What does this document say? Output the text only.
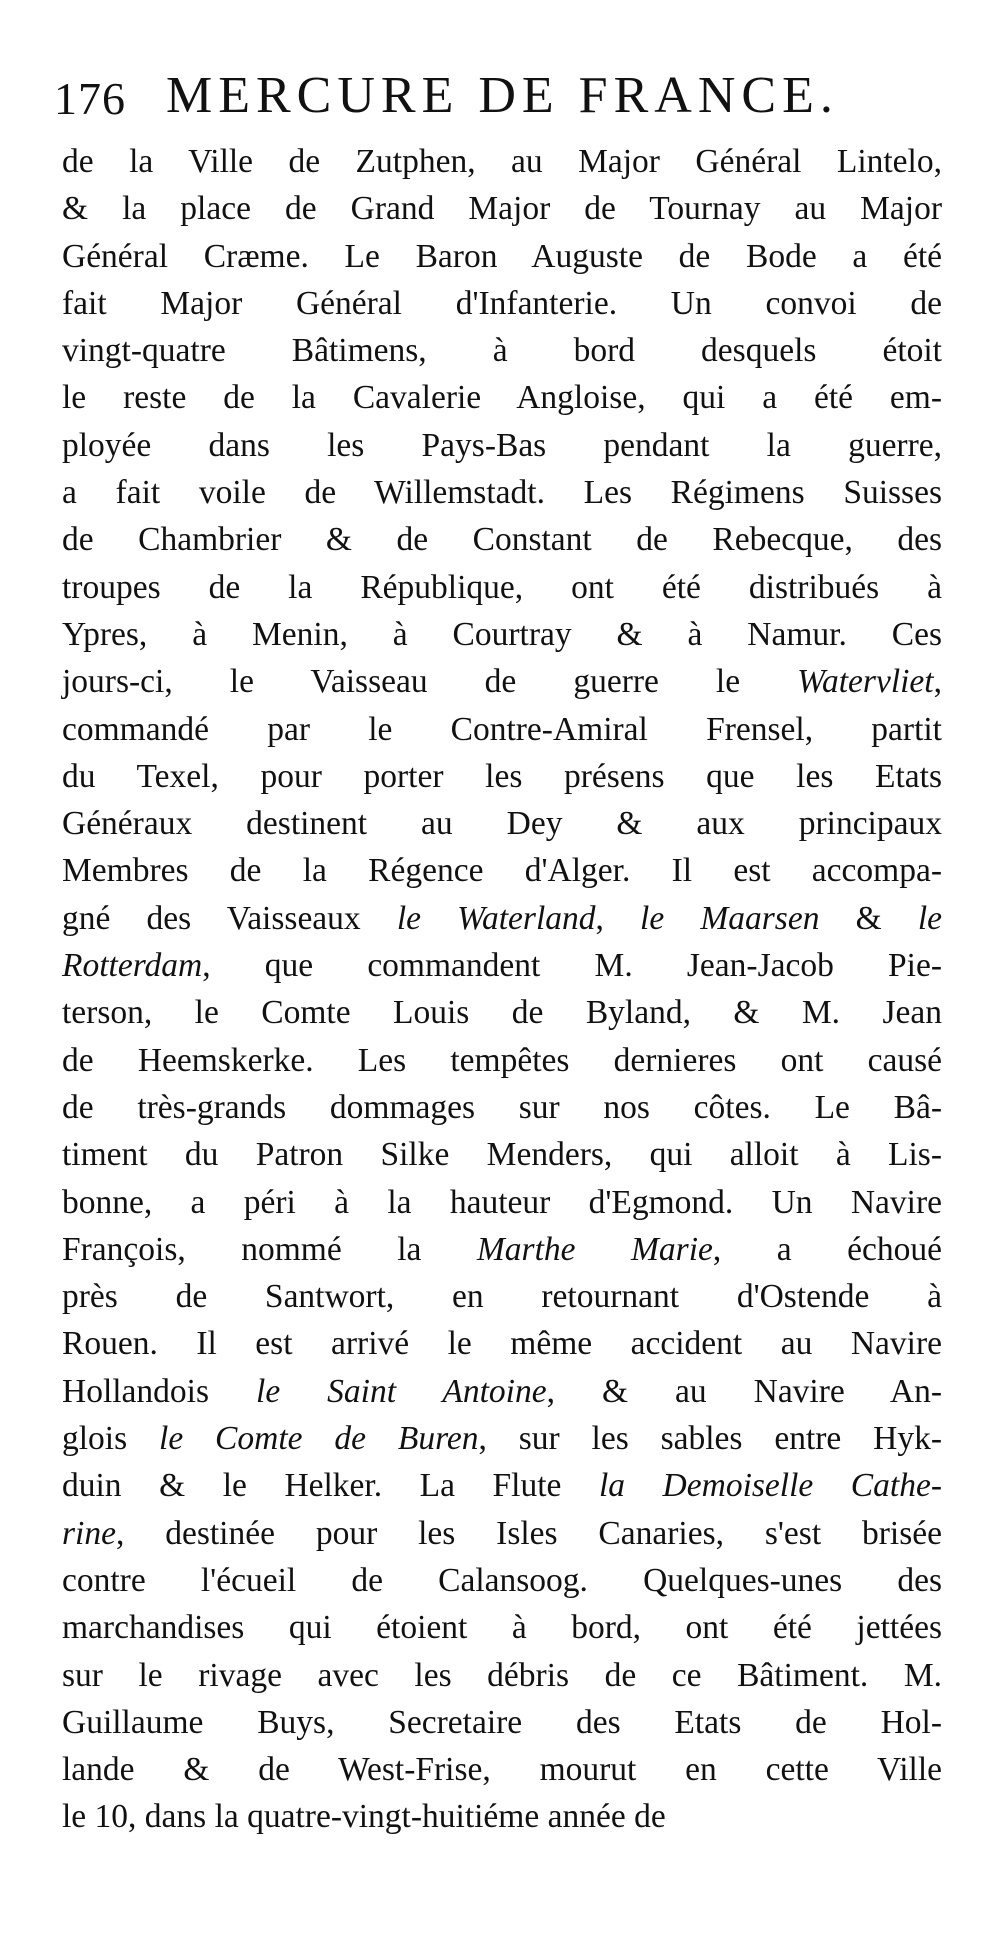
176 MERCURE DE FRANCE.
de la Ville de Zutphen, au Major Général Lintelo,
& la place de Grand Major de Tournay au Major
Général Cræme. Le Baron Auguste de Bode a été
fait Major Général d'Infanterie. Un convoi de
vingt-quatre Bâtimens, à bord desquels étoit
le reste de la Cavalerie Angloise, qui a été em-
ployée dans les Pays-Bas pendant la guerre,
a fait voile de Willemstadt. Les Régimens Suisses
de Chambrier & de Constant de Rebecque, des
troupes de la République, ont été distribués à
Ypres, à Menin, à Courtray & à Namur. Ces
jours-ci, le Vaisseau de guerre le Watervliet,
commandé par le Contre-Amiral Frensel, partit
du Texel, pour porter les présens que les Etats
Généraux destinent au Dey & aux principaux
Membres de la Régence d'Alger. Il est accompa-
gné des Vaisseaux le Waterland, le Maarsen & le
Rotterdam, que commandent M. Jean-Jacob Pie-
terson, le Comte Louis de Byland, & M. Jean
de Heemskerke. Les tempêtes dernieres ont causé
de très-grands dommages sur nos côtes. Le Bâ-
timent du Patron Silke Menders, qui alloit à Lis-
bonne, a péri à la hauteur d'Egmond. Un Navire
François, nommé la Marthe Marie, a échoué
près de Santwort, en retournant d'Ostende à
Rouen. Il est arrivé le même accident au Navire
Hollandois le Saint Antoine, & au Navire An-
glois le Comte de Buren, sur les sables entre Hyk-
duin & le Helker. La Flute la Demoiselle Cathe-
rine, destinée pour les Isles Canaries, s'est brisée
contre l'écueil de Calansoog. Quelques-unes des
marchandises qui étoient à bord, ont été jettées
sur le rivage avec les débris de ce Bâtiment. M.
Guillaume Buys, Secretaire des Etats de Hol-
lande & de West-Frise, mourut en cette Ville
le 10, dans la quatre-vingt-huitiéme année de
